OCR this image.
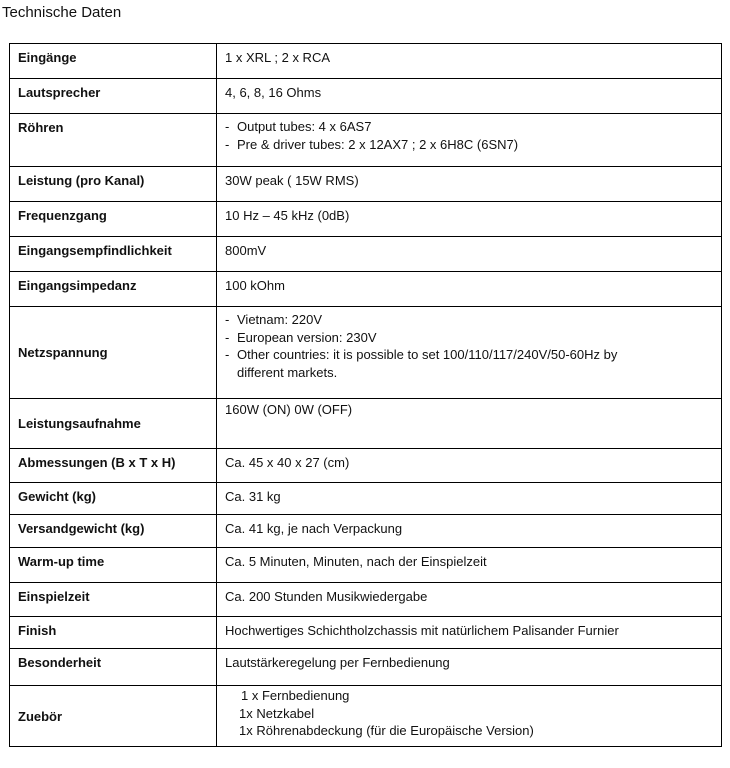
Technische Daten
Eingänge	1 x XRL ; 2 x RCA

Lautsprecher	4, 6, 8, 16 Ohms

Röhren	- Output tubes: 4 x 6AS7
- Pre & driver tubes: 2 x 12AX7 ; 2 x 6H8C (6SN7)

Leistung (pro Kanal)	30W peak ( 15W RMS)

Frequenzgang	10 Hz – 45 kHz (0dB)

Eingangsempfindlichkeit	800mV

Eingangsimpedanz	100 kOhm

Netzspannung	- Vietnam: 220V
- European version: 230V
- Other countries: it is possible to set 100/110/117/240V/50-60Hz by
different markets.

Leistungsaufnahme	160W (ON) 0W (OFF)

Abmessungen (B x T x H)	Ca. 45 x 40 x 27 (cm)

Gewicht (kg)	Ca. 31 kg

Versandgewicht (kg)	Ca. 41 kg, je nach Verpackung

Warm-up time	Ca. 5 Minuten, Minuten, nach der Einspielzeit

Einspielzeit	Ca. 200 Stunden Musikwiedergabe

Finish	Hochwertiges Schichtholzchassis mit natürlichem Palisander Furnier

Besonderheit	Lautstärkeregelung per Fernbedienung

Zuebör	1 x Fernbedienung
1x Netzkabel
1x Röhrenabdeckung (für die Europäische Version)
